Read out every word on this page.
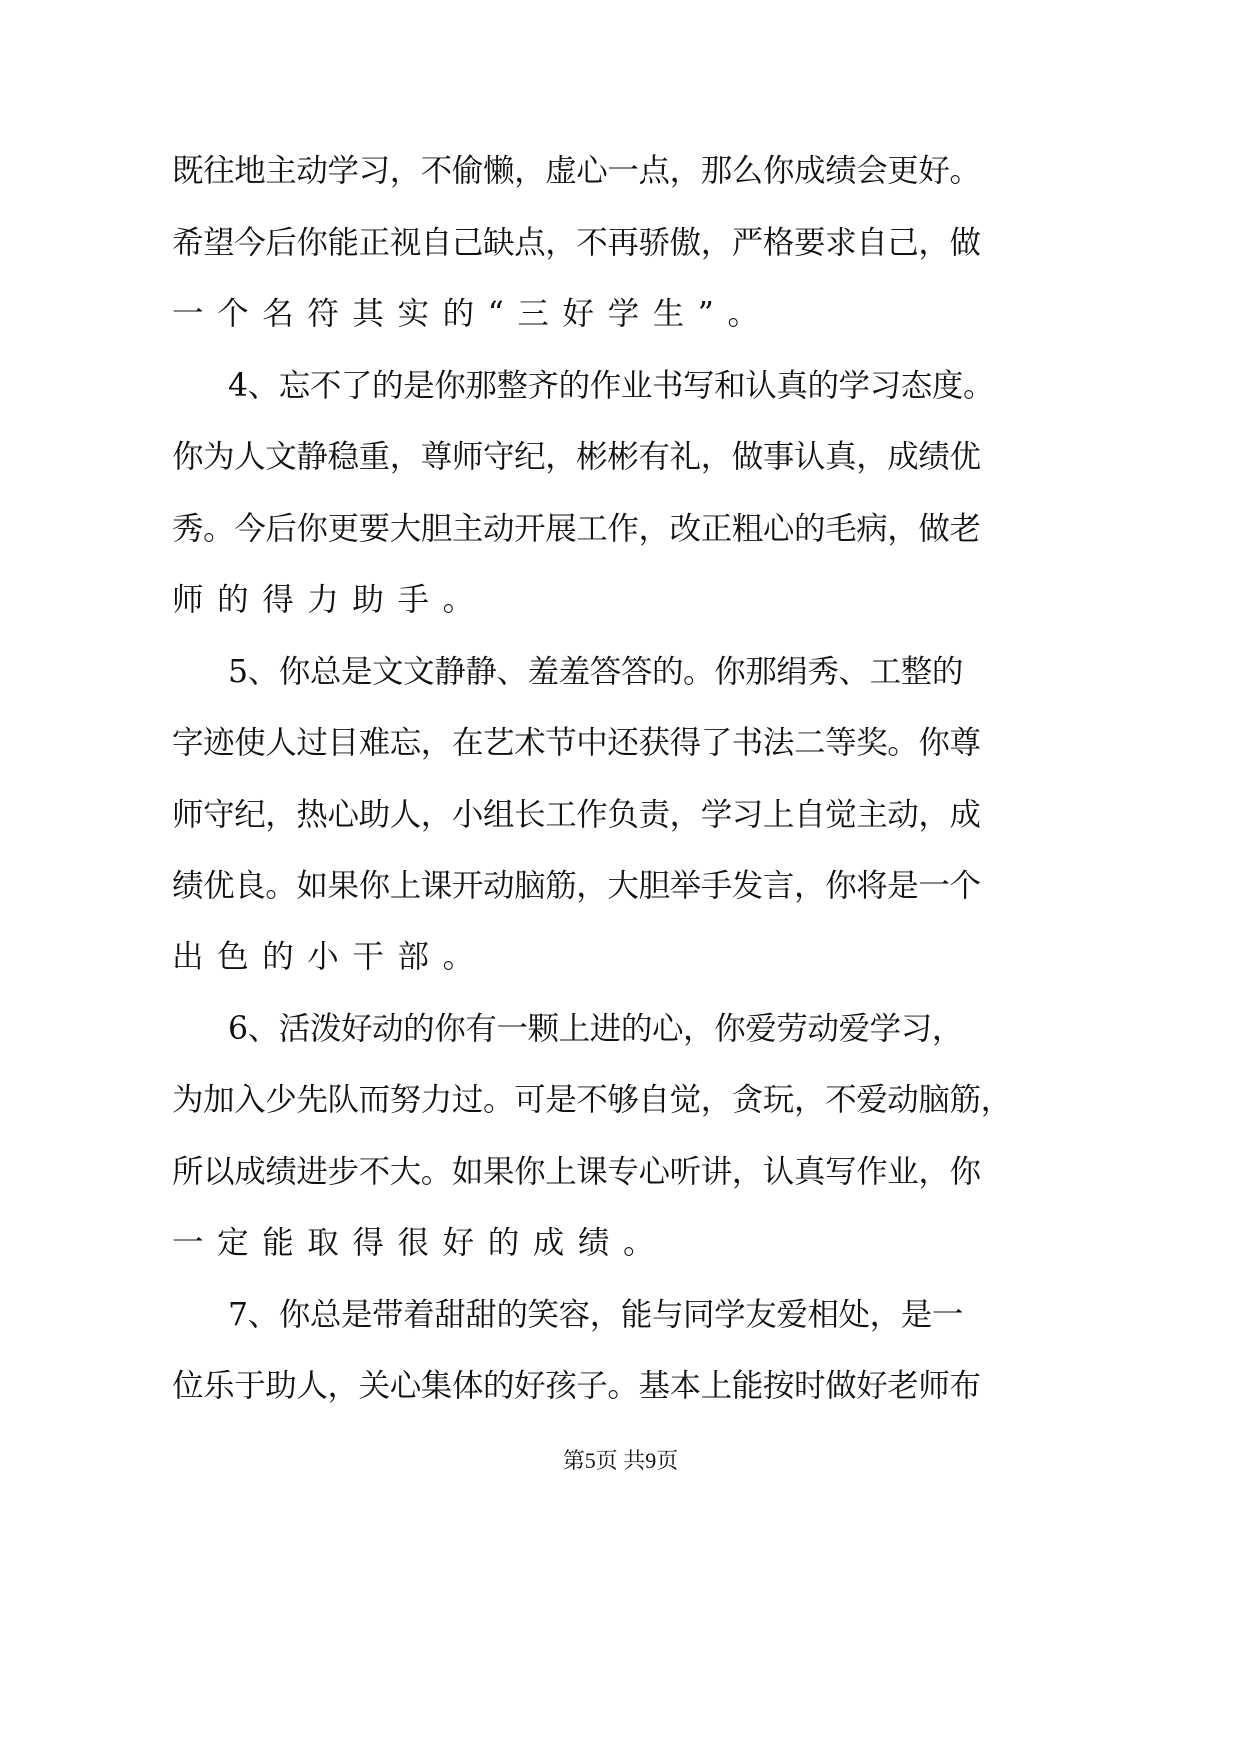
既往地主动学习，不偷懒，虚心一点，那么你成绩会更好。
希望今后你能正视自己缺点，不再骄傲，严格要求自己，做
一个名符其实的“三好学生”。
4、忘不了的是你那整齐的作业书写和认真的学习态度。
你为人文静稳重，尊师守纪，彬彬有礼，做事认真，成绩优
秀。今后你更要大胆主动开展工作，改正粗心的毛病，做老
师的得力助手。
5、你总是文文静静、羞羞答答的。你那绢秀、工整的
字迹使人过目难忘，在艺术节中还获得了书法二等奖。你尊
师守纪，热心助人，小组长工作负责，学习上自觉主动，成
绩优良。如果你上课开动脑筋，大胆举手发言，你将是一个
出色的小干部。
6、活泼好动的你有一颗上进的心，你爱劳动爱学习，
为加入少先队而努力过。可是不够自觉，贪玩，不爱动脑筋，
所以成绩进步不大。如果你上课专心听讲，认真写作业，你
一定能取得很好的成绩。
7、你总是带着甜甜的笑容，能与同学友爱相处，是一
位乐于助人，关心集体的好孩子。基本上能按时做好老师布
第5页 共9页
